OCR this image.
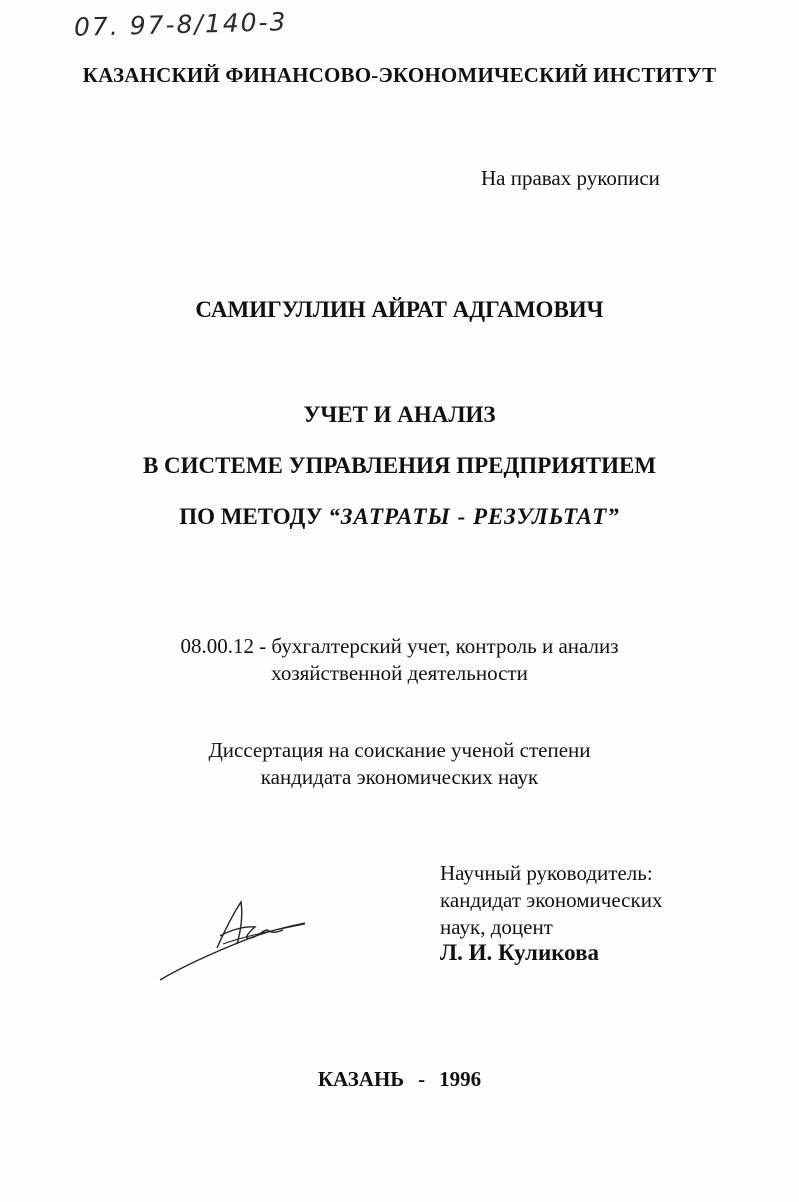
07. 97-8/140-3
КАЗАНСКИЙ ФИНАНСОВО-ЭКОНОМИЧЕСКИЙ ИНСТИТУТ
На правах рукописи
САМИГУЛЛИН АЙРАТ АДГАМОВИЧ
УЧЕТ И АНАЛИЗ
В СИСТЕМЕ УПРАВЛЕНИЯ ПРЕДПРИЯТИЕМ
ПО МЕТОДУ “ЗАТРАТЫ - РЕЗУЛЬТАТ”
08.00.12 - бухгалтерский учет, контроль и анализ
хозяйственной деятельности
Диссертация на соискание ученой степени
кандидата экономических наук
Научный руководитель:
кандидат экономических
наук, доцент
Л. И. Куликова
КАЗАНЬ - 1996
